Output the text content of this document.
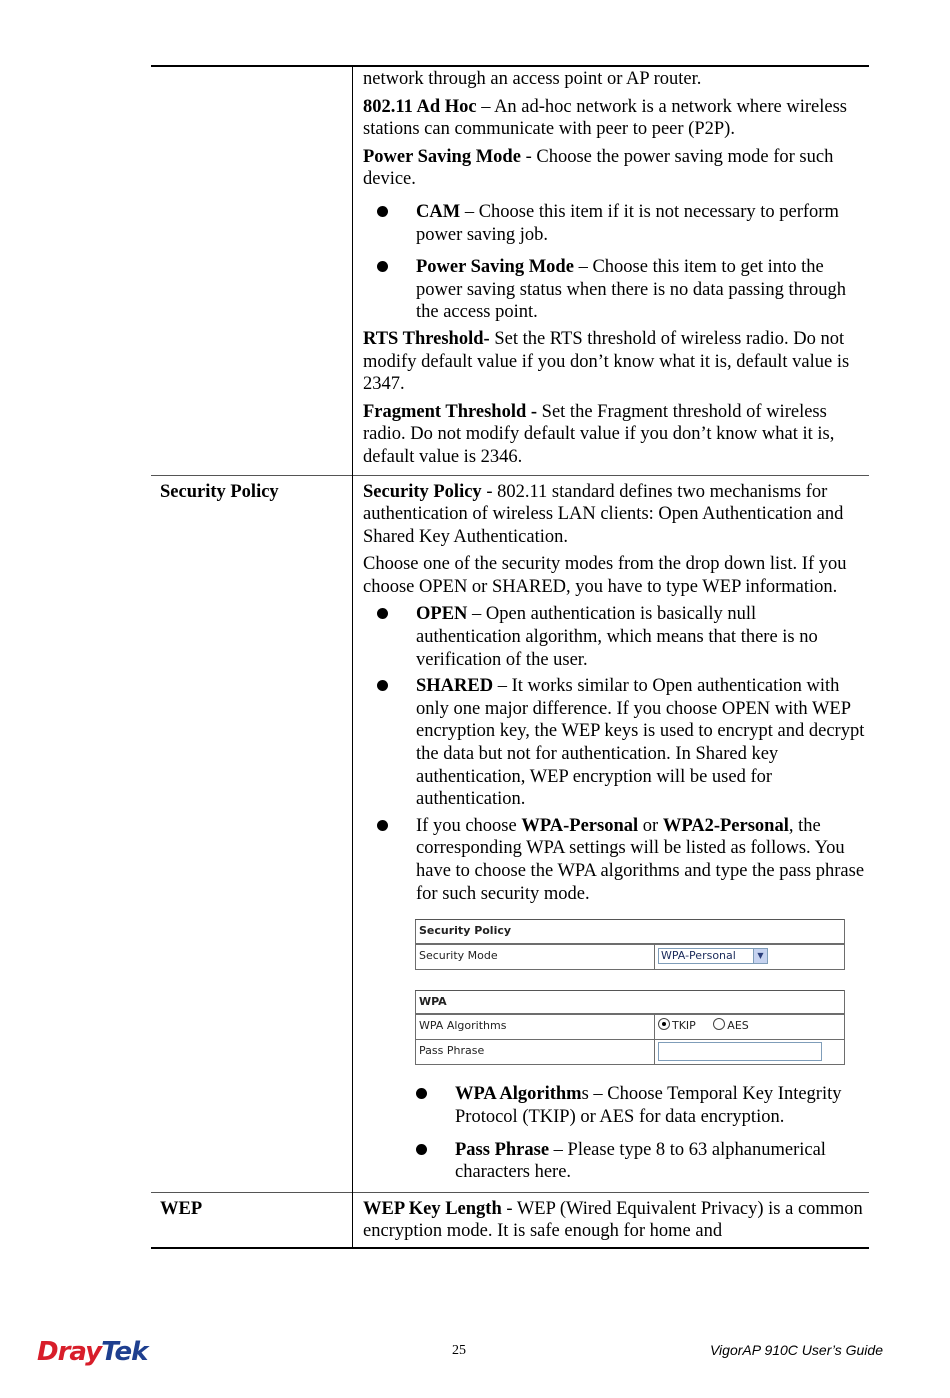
network through an access point or AP router.

802.11 Ad Hoc – An ad-hoc network is a network where wireless stations can communicate with peer to peer (P2P).

Power Saving Mode - Choose the power saving mode for such device.

CAM – Choose this item if it is not necessary to perform power saving job.
Power Saving Mode – Choose this item to get into the power saving status when there is no data passing through the access point.

RTS Threshold- Set the RTS threshold of wireless radio. Do not modify default value if you don’t know what it is, default value is 2347.

Fragment Threshold - Set the Fragment threshold of wireless radio. Do not modify default value if you don’t know what it is, default value is 2346.

Security Policy	Security Policy - 802.11 standard defines two mechanisms for authentication of wireless LAN clients: Open Authentication and Shared Key Authentication.

Choose one of the security modes from the drop down list. If you choose OPEN or SHARED, you have to type WEP information.

OPEN – Open authentication is basically null authentication algorithm, which means that there is no verification of the user.
SHARED – It works similar to Open authentication with only one major difference. If you choose OPEN with WEP encryption key, the WEP keys is used to encrypt and decrypt the data but not for authentication. In Shared key authentication, WEP encryption will be used for authentication.
If you choose WPA-Personal or WPA2-Personal, the corresponding WPA settings will be listed as follows. You have to choose the WPA algorithms and type the pass phrase for such security mode.
Security Policy
Security Mode	WPA-Personal	▼
WPA
WPA Algorithms	TKIP	AES
Pass Phrase	
WPA Algorithms – Choose Temporal Key Integrity Protocol (TKIP) or AES for data encryption.
Pass Phrase – Please type 8 to 63 alphanumerical characters here.

WEP	WEP Key Length - WEP (Wired Equivalent Privacy) is a common encryption mode. It is safe enough for home and

DrayTek	25	VigorAP 910C User’s Guide
